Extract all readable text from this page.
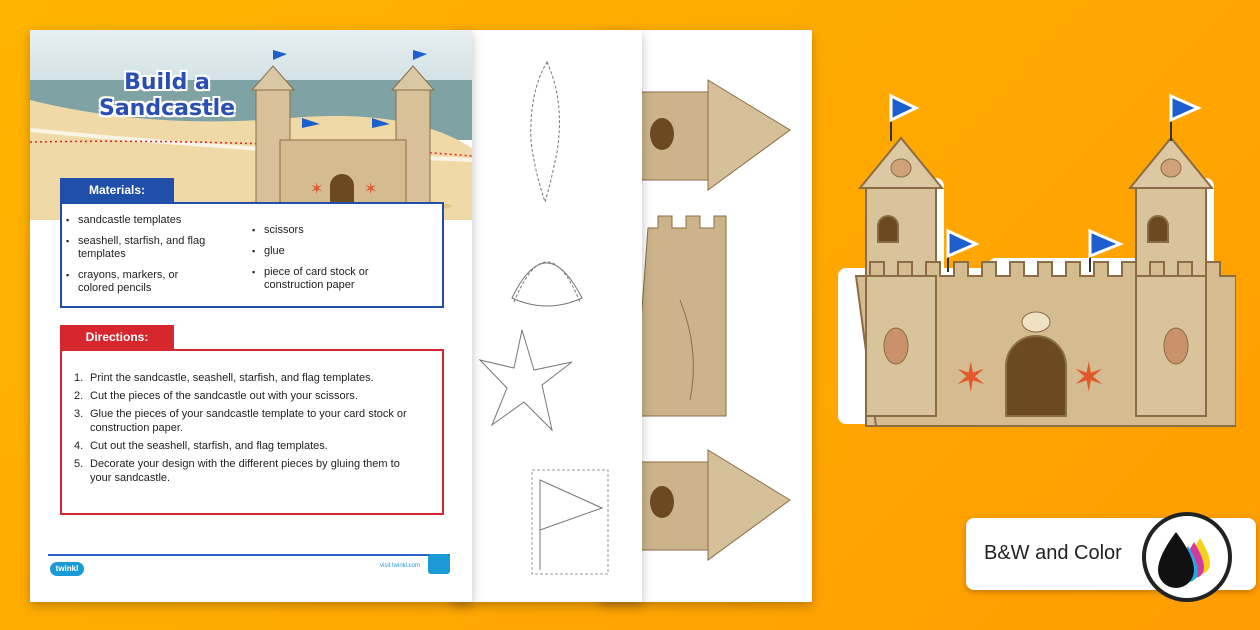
✶	✶
Build a Sandcastle
Materials:
▪ sandcastle templates
▪ seashell, starfish, and flag templates
▪ crayons, markers, or colored pencils
▪ scissors
▪ glue
▪ piece of card stock or construction paper
Directions:
1. Print the sandcastle, seashell, starfish, and flag templates.
2. Cut the pieces of the sandcastle out with your scissors.
3. Glue the pieces of your sandcastle template to your card stock or construction paper.
4. Cut out the seashell, starfish, and flag templates.
5. Decorate your design with the different pieces by gluing them to your sandcastle.
twinkl	visit twinkl.com
✶ ✶
B&W and Color
